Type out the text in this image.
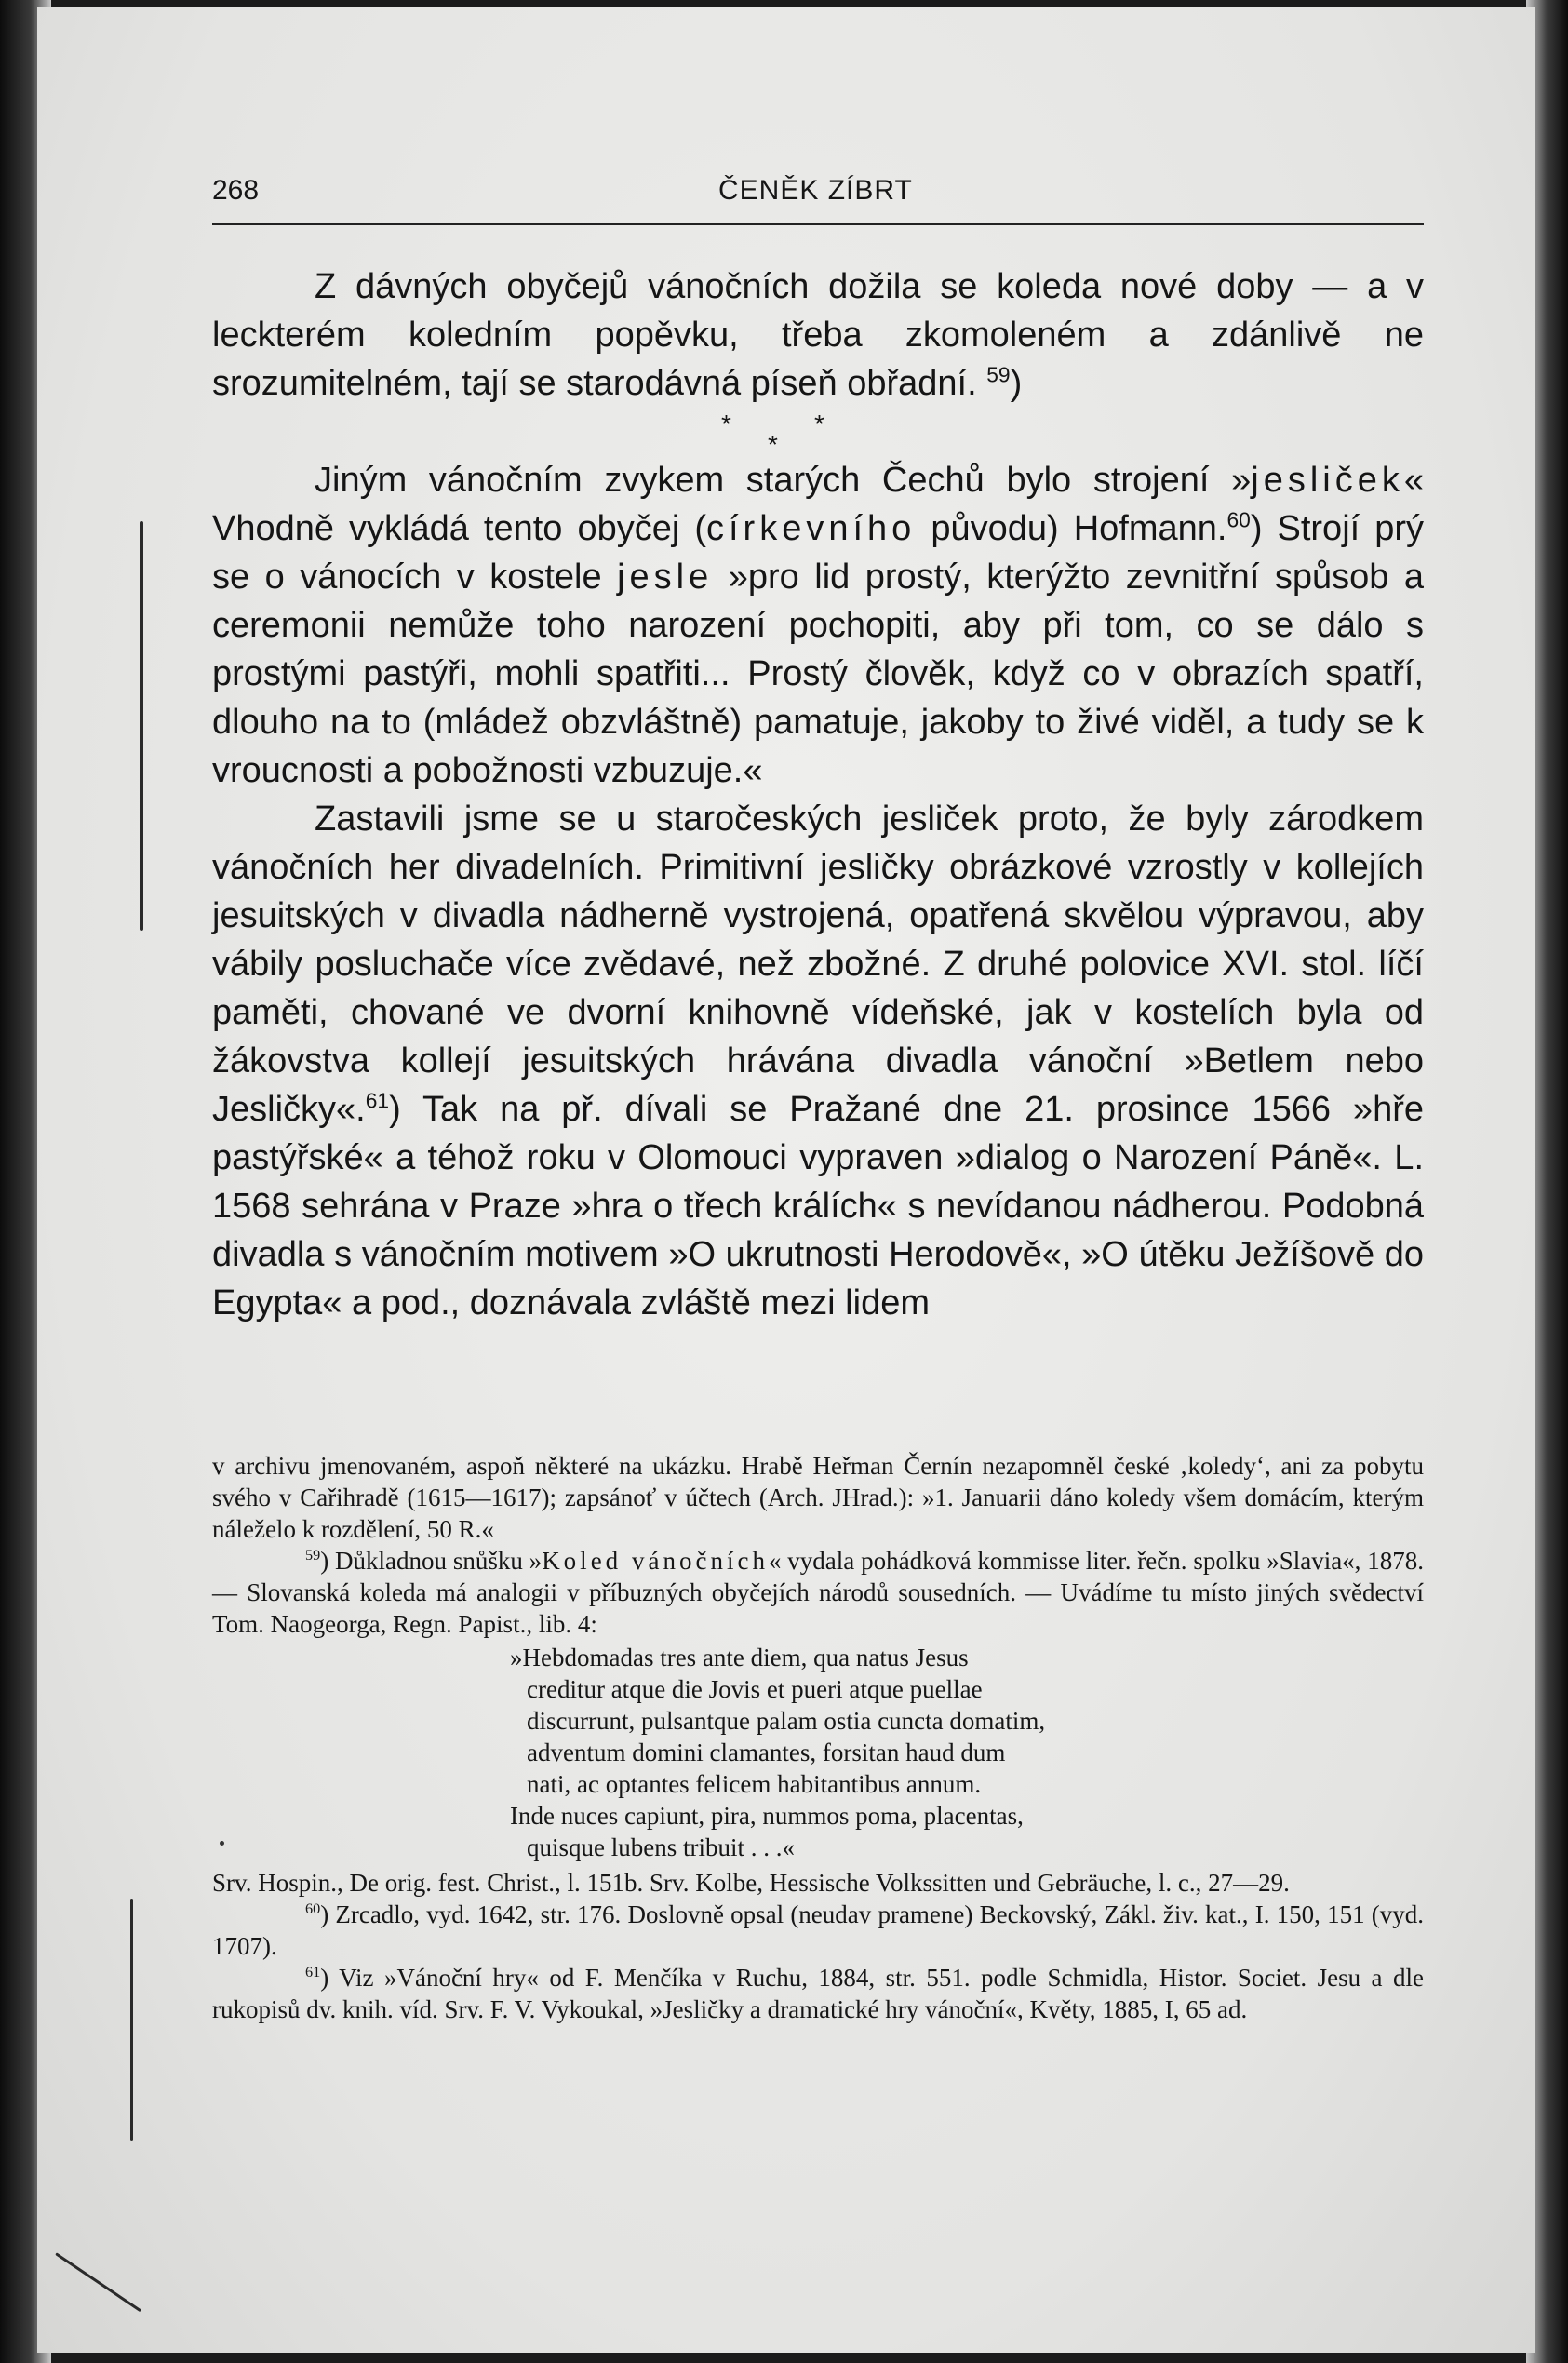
268	ČENĚK ZÍBRT
*
*
*

Z dávných obyčejů vánočních dožila se koleda nové doby — a v leckterém koledním popěvku, třeba zkomoleném a zdánlivě ne srozumitelném, tají se starodávná píseň obřadní. $^{59}$)

Jiným vánočním zvykem starých Čechů bylo strojení »jesliček« Vhodně vykládá tento obyčej (církevního původu) Hofmann.$^{60}$) Strojí prý se o vánocích v kostele jesle »pro lid prostý, kterýžto zevnitřní spůsob a ceremonii nemůže toho narození pochopiti, aby při tom, co se dálo s prostými pastýři, mohli spatřiti... Prostý člověk, když co v obrazích spatří, dlouho na to (mládež obzvláštně) pamatuje, jakoby to živé viděl, a tudy se k vroucnosti a pobožnosti vzbuzuje.«

Zastavili jsme se u staročeských jesliček proto, že byly zárodkem vánočních her divadelních. Primitivní jesličky obrázkové vzrostly v kollejích jesuitských v divadla nádherně vystrojená, opatřená skvělou výpravou, aby vábily posluchače více zvědavé, než zbožné. Z druhé polovice XVI. stol. líčí paměti, chované ve dvorní knihovně vídeňské, jak v kostelích byla od žákovstva kollejí jesuitských hrávána divadla vánoční »Betlem nebo Jesličky«.$^{61}$) Tak na př. dívali se Pražané dne 21. prosince 1566 »hře pastýřské« a téhož roku v Olomouci vypraven »dialog o Narození Páně«. L. 1568 sehrána v Praze »hra o třech králích« s nevídanou nádherou. Podobná divadla s vánočním motivem »O ukrutnosti Herodově«, »O útěku Ježíšově do Egypta« a pod., doznávala zvláště mezi lidem

v archivu jmenovaném, aspoň některé na ukázku. Hrabě Heřman Černín nezapomněl české ‚koledy‘, ani za pobytu svého v Cařihradě (1615—1617); zapsánoť v účtech (Arch. JHrad.): »1. Januarii dáno koledy všem domácím, kterým náleželo k rozdělení, 50 R.«

$^{59}$) Důkladnou snůšku »Koled vánočních« vydala pohádková kommisse liter. řečn. spolku »Slavia«, 1878. — Slovanská koleda má analogii v příbuzných obyčejích národů sousedních. — Uvádíme tu místo jiných svědectví Tom. Naogeorga, Regn. Papist., lib. 4:

»Hebdomadas tres ante diem, qua natus Jesus
creditur atque die Jovis et pueri atque puellae
discurrunt, pulsantque palam ostia cuncta domatim,
adventum domini clamantes, forsitan haud dum
nati, ac optantes felicem habitantibus annum.
Inde nuces capiunt, pira, nummos poma, placentas,
quisque lubens tribuit . . .«

Srv. Hospin., De orig. fest. Christ., l. 151b. Srv. Kolbe, Hessische Volkssitten und Gebräuche, l. c., 27—29.

$^{60}$) Zrcadlo, vyd. 1642, str. 176. Doslovně opsal (neudav pramene) Beckovský, Zákl. živ. kat., I. 150, 151 (vyd. 1707).

$^{61}$) Viz »Vánoční hry« od F. Menčíka v Ruchu, 1884, str. 551. podle Schmidla, Histor. Societ. Jesu a dle rukopisů dv. knih. víd. Srv. F. V. Vykoukal, »Jesličky a dramatické hry vánoční«, Květy, 1885, I, 65 ad.
